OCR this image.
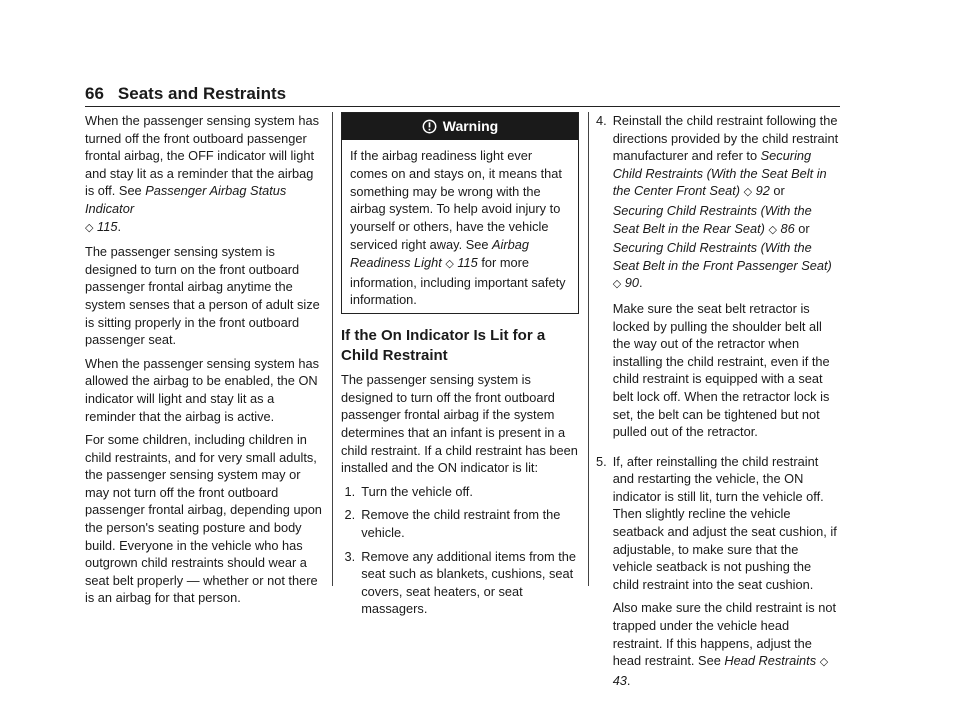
66 Seats and Restraints

When the passenger sensing system has turned off the front outboard passenger frontal airbag, the OFF indicator will light and stay lit as a reminder that the airbag is off. See Passenger Airbag Status Indicator
◇ 115.

The passenger sensing system is designed to turn on the front outboard passenger frontal airbag anytime the system senses that a person of adult size is sitting properly in the front outboard passenger seat.

When the passenger sensing system has allowed the airbag to be enabled, the ON indicator will light and stay lit as a reminder that the airbag is active.

For some children, including children in child restraints, and for very small adults, the passenger sensing system may or may not turn off the front outboard passenger frontal airbag, depending upon the person's seating posture and body build. Everyone in the vehicle who has outgrown child restraints should wear a seat belt properly — whether or not there is an airbag for that person.

Warning
If the airbag readiness light ever comes on and stays on, it means that something may be wrong with the airbag system. To help avoid injury to yourself or others, have the vehicle serviced right away. See Airbag Readiness Light ◇ 115 for more information, including important safety information.
If the On Indicator Is Lit for a Child Restraint

The passenger sensing system is designed to turn off the front outboard passenger frontal airbag if the system determines that an infant is present in a child restraint. If a child restraint has been installed and the ON indicator is lit:

1. Turn the vehicle off.
2. Remove the child restraint from the vehicle.
3. Remove any additional items from the seat such as blankets, cushions, seat covers, seat heaters, or seat massagers.
4. Reinstall the child restraint following the directions provided by the child restraint manufacturer and refer to Securing Child Restraints (With the Seat Belt in the Center Front Seat) ◇ 92 or
Securing Child Restraints (With the Seat Belt in the Rear Seat) ◇ 86 or
Securing Child Restraints (With the Seat Belt in the Front Passenger Seat) ◇ 90.

Make sure the seat belt retractor is locked by pulling the shoulder belt all the way out of the retractor when installing the child restraint, even if the child restraint is equipped with a seat belt lock off. When the retractor lock is set, the belt can be tightened but not pulled out of the retractor.

5. If, after reinstalling the child restraint and restarting the vehicle, the ON indicator is still lit, turn the vehicle off. Then slightly recline the vehicle seatback and adjust the seat cushion, if adjustable, to make sure that the vehicle seatback is not pushing the child restraint into the seat cushion.

Also make sure the child restraint is not trapped under the vehicle head restraint. If this happens, adjust the head restraint. See Head Restraints ◇ 43.
